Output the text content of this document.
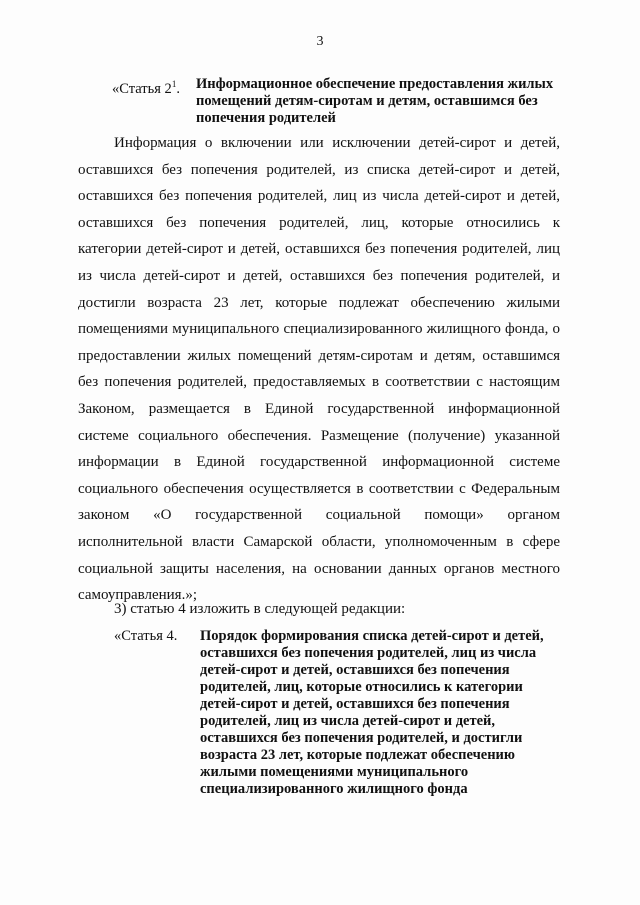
3
«Статья $2^1$. Информационное обеспечение предоставления жилых помещений детям-сиротам и детям, оставшимся без попечения родителей

Информация о включении или исключении детей-сирот и детей, оставшихся без попечения родителей, из списка детей-сирот и детей, оставшихся без попечения родителей, лиц из числа детей-сирот и детей, оставшихся без попечения родителей, лиц, которые относились к категории детей-сирот и детей, оставшихся без попечения родителей, лиц из числа детей-сирот и детей, оставшихся без попечения родителей, и достигли возраста 23 лет, которые подлежат обеспечению жилыми помещениями муниципального специализированного жилищного фонда, о предоставлении жилых помещений детям-сиротам и детям, оставшимся без попечения родителей, предоставляемых в соответствии с настоящим Законом, размещается в Единой государственной информационной системе социального обеспечения. Размещение (получение) указанной информации в Единой государственной информационной системе социального обеспечения осуществляется в соответствии с Федеральным законом «О государственной социальной помощи» органом исполнительной власти Самарской области, уполномоченным в сфере социальной защиты населения, на основании данных органов местного самоуправления.»;

3) статью 4 изложить в следующей редакции:

«Статья 4. Порядок формирования списка детей-сирот и детей, оставшихся без попечения родителей, лиц из числа детей-сирот и детей, оставшихся без попечения родителей, лиц, которые относились к категории детей-сирот и детей, оставшихся без попечения родителей, лиц из числа детей-сирот и детей, оставшихся без попечения родителей, и достигли возраста 23 лет, которые подлежат обеспечению жилыми помещениями муниципального специализированного жилищного фонда
